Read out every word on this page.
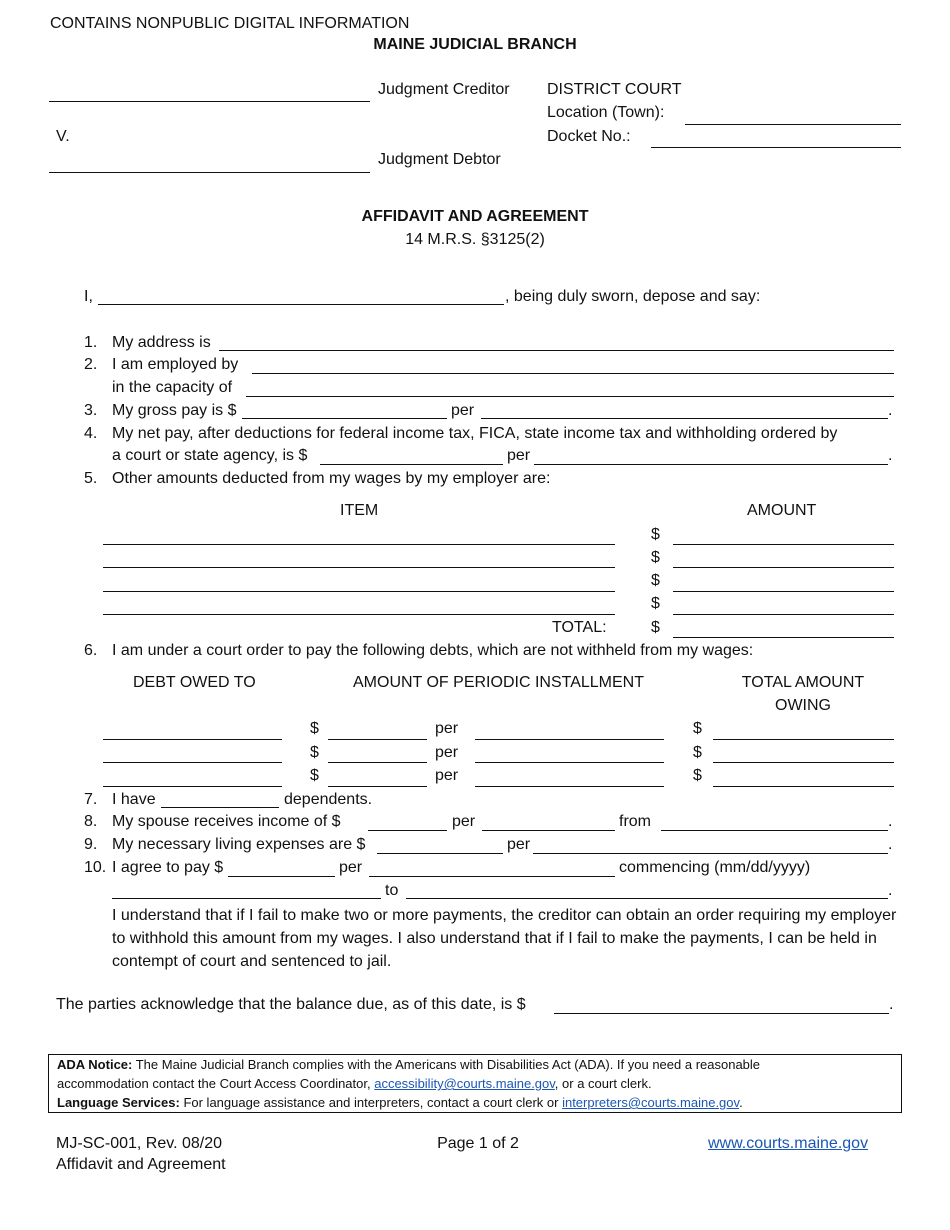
CONTAINS NONPUBLIC DIGITAL INFORMATION
MAINE JUDICIAL BRANCH
Judgment Creditor
V.
Judgment Debtor
DISTRICT COURT
Location (Town):
Docket No.:
AFFIDAVIT AND AGREEMENT
14 M.R.S. §3125(2)
I,	, being duly sworn, depose and say:
1. My address is
2. I am employed by
in the capacity of
3. My gross pay is $	per	.
4. My net pay, after deductions for federal income tax, FICA, state income tax and withholding ordered by
a court or state agency, is $	per	.
5. Other amounts deducted from my wages by my employer are:
ITEM	AMOUNT
$
$
$
$
TOTAL:	$
6. I am under a court order to pay the following debts, which are not withheld from my wages:
DEBT OWED TO	AMOUNT OF PERIODIC INSTALLMENT	TOTAL AMOUNT
OWING
$	per	$
$	per	$
$	per	$
7. I have	dependents.
8. My spouse receives income of $	per	from	.
9. My necessary living expenses are $	per	.
10. I agree to pay $	per	commencing (mm/dd/yyyy)
to	.
I understand that if I fail to make two or more payments, the creditor can obtain an order requiring my employer to withhold this amount from my wages. I also understand that if I fail to make the payments, I can be held in contempt of court and sentenced to jail.
The parties acknowledge that the balance due, as of this date, is $	.
ADA Notice: The Maine Judicial Branch complies with the Americans with Disabilities Act (ADA). If you need a reasonable
accommodation contact the Court Access Coordinator, accessibility@courts.maine.gov, or a court clerk.
Language Services: For language assistance and interpreters, contact a court clerk or interpreters@courts.maine.gov.
MJ-SC-001, Rev. 08/20
Affidavit and Agreement
Page 1 of 2	www.courts.maine.gov
